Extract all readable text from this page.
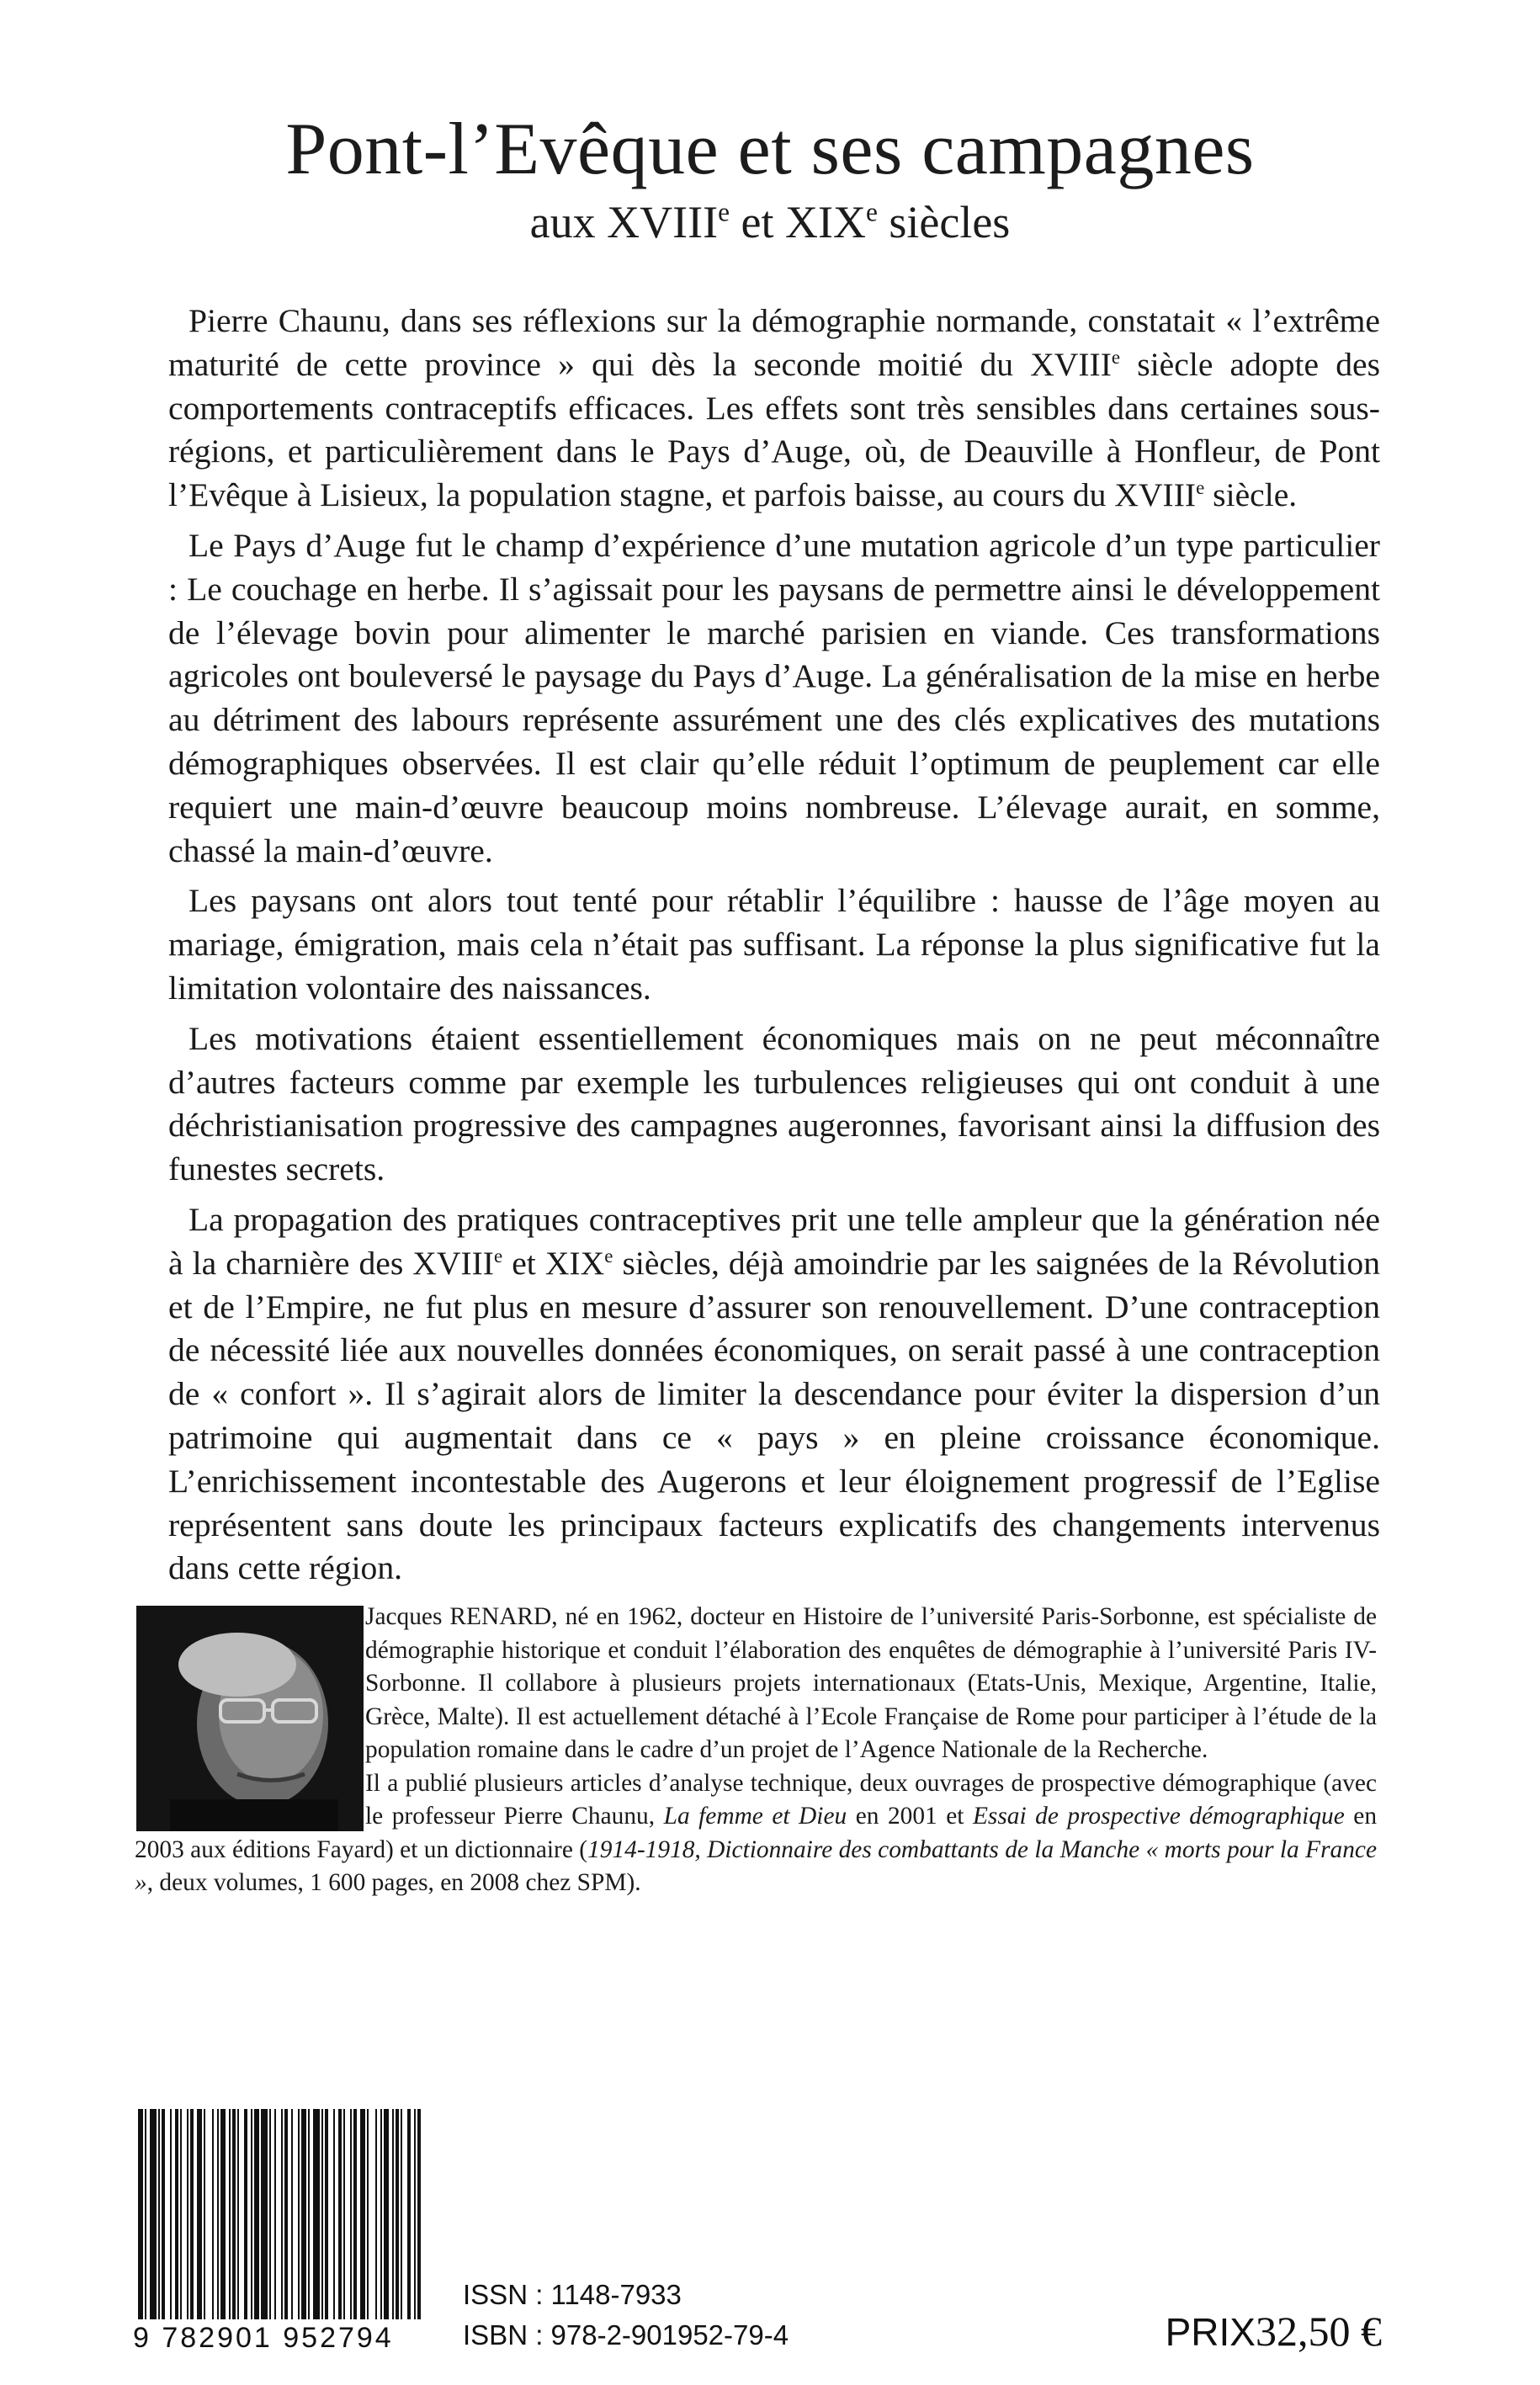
Pont-l’Evêque et ses campagnes
aux XVIIIe et XIXe siècles

Pierre Chaunu, dans ses réflexions sur la démographie normande, constatait « l’extrême maturité de cette province » qui dès la seconde moitié du XVIIIe siècle adopte des comportements contraceptifs efficaces. Les effets sont très sensibles dans certaines sous-régions, et particulièrement dans le Pays d’Auge, où, de Deauville à Honfleur, de Pont l’Evêque à Lisieux, la population stagne, et parfois baisse, au cours du XVIIIe siècle.

Le Pays d’Auge fut le champ d’expérience d’une mutation agricole d’un type particulier : Le couchage en herbe. Il s’agissait pour les paysans de permettre ainsi le développement de l’élevage bovin pour alimenter le marché parisien en viande. Ces transformations agricoles ont bouleversé le paysage du Pays d’Auge. La généralisation de la mise en herbe au détriment des labours représente assurément une des clés explicatives des mutations démographiques observées. Il est clair qu’elle réduit l’optimum de peuplement car elle requiert une main-d’œuvre beaucoup moins nombreuse. L’élevage aurait, en somme, chassé la main-d’œuvre.

Les paysans ont alors tout tenté pour rétablir l’équilibre : hausse de l’âge moyen au mariage, émigration, mais cela n’était pas suffisant. La réponse la plus significative fut la limitation volontaire des naissances.

Les motivations étaient essentiellement économiques mais on ne peut méconnaître d’autres facteurs comme par exemple les turbulences religieuses qui ont conduit à une déchristianisation progressive des campagnes augeronnes, favorisant ainsi la diffusion des funestes secrets.

La propagation des pratiques contraceptives prit une telle ampleur que la génération née à la charnière des XVIIIe et XIXe siècles, déjà amoindrie par les saignées de la Révolution et de l’Empire, ne fut plus en mesure d’assurer son renouvellement. D’une contraception de nécessité liée aux nouvelles données économiques, on serait passé à une contraception de « confort ». Il s’agirait alors de limiter la descendance pour éviter la dispersion d’un patrimoine qui augmentait dans ce « pays » en pleine croissance économique. L’enrichissement incontestable des Augerons et leur éloignement progressif de l’Eglise représentent sans doute les principaux facteurs explicatifs des changements intervenus dans cette région.

Jacques RENARD, né en 1962, docteur en Histoire de l’université Paris-Sorbonne, est spécialiste de démographie historique et conduit l’élaboration des enquêtes de démographie à l’université Paris IV-Sorbonne. Il collabore à plusieurs projets internationaux (Etats-Unis, Mexique, Argentine, Italie, Grèce, Malte). Il est actuellement détaché à l’Ecole Française de Rome pour participer à l’étude de la population romaine dans le cadre d’un projet de l’Agence Nationale de la Recherche.

Il a publié plusieurs articles d’analyse technique, deux ouvrages de prospective démographique (avec le professeur Pierre Chaunu, La femme et Dieu en 2001 et Essai de prospective démographique en 2003 aux éditions Fayard) et un dictionnaire (1914-1918, Dictionnaire des combattants de la Manche « morts pour la France », deux volumes, 1 600 pages, en 2008 chez SPM).

9 782901 952794
ISSN : 1148-7933
ISBN : 978-2-901952-79-4	PRIX32,50 €
